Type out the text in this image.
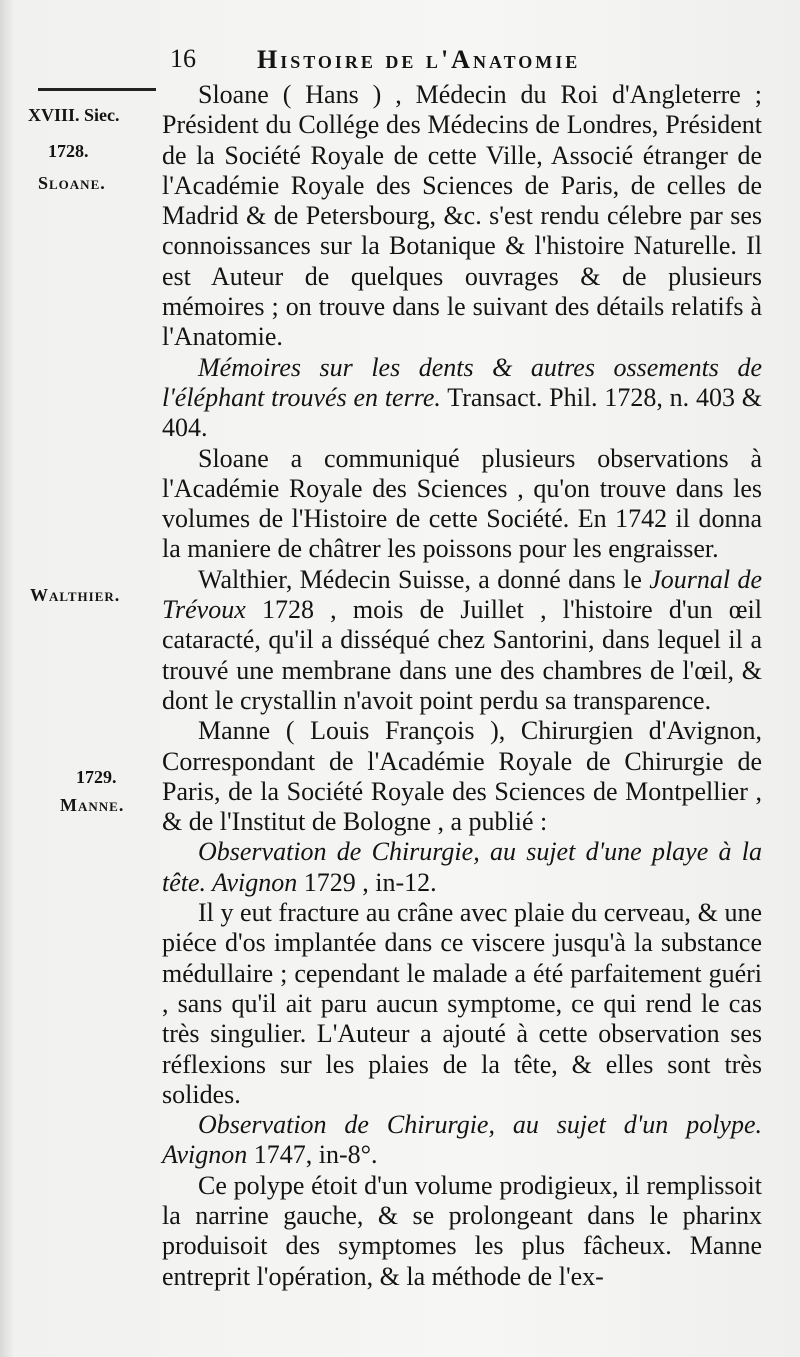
16 Histoire de l'Anatomie
XVIII. Siec.
1728.
Sloane.
Walthier.
1729.
Manne.

Sloane ( Hans ) , Médecin du Roi d'Angleterre ; Président du Collége des Médecins de Londres, Président de la Société Royale de cette Ville, Associé étranger de l'Académie Royale des Sciences de Paris, de celles de Madrid & de Petersbourg, &c. s'est rendu célebre par ses connoissances sur la Botanique & l'histoire Naturelle. Il est Auteur de quelques ouvrages & de plusieurs mémoires ; on trouve dans le suivant des détails relatifs à l'Anatomie.

Mémoires sur les dents & autres ossements de l'éléphant trouvés en terre. Transact. Phil. 1728, n. 403 & 404.

Sloane a communiqué plusieurs observations à l'Académie Royale des Sciences , qu'on trouve dans les volumes de l'Histoire de cette Société. En 1742 il donna la maniere de châtrer les poissons pour les engraisser.

Walthier, Médecin Suisse, a donné dans le Journal de Trévoux 1728 , mois de Juillet , l'histoire d'un œil cataracté, qu'il a disséqué chez Santorini, dans lequel il a trouvé une membrane dans une des chambres de l'œil, & dont le crystallin n'avoit point perdu sa transparence.

Manne ( Louis François ), Chirurgien d'Avignon, Correspondant de l'Académie Royale de Chirurgie de Paris, de la Société Royale des Sciences de Montpellier , & de l'Institut de Bologne , a publié :

Observation de Chirurgie, au sujet d'une playe à la tête. Avignon 1729 , in-12.

Il y eut fracture au crâne avec plaie du cerveau, & une piéce d'os implantée dans ce viscere jusqu'à la substance médullaire ; cependant le malade a été parfaitement guéri , sans qu'il ait paru aucun symptome, ce qui rend le cas très singulier. L'Auteur a ajouté à cette observation ses réflexions sur les plaies de la tête, & elles sont très solides.

Observation de Chirurgie, au sujet d'un polype. Avignon 1747, in-8°.

Ce polype étoit d'un volume prodigieux, il remplissoit la narrine gauche, & se prolongeant dans le pharinx produisoit des symptomes les plus fâcheux. Manne entreprit l'opération, & la méthode de l'ex-
